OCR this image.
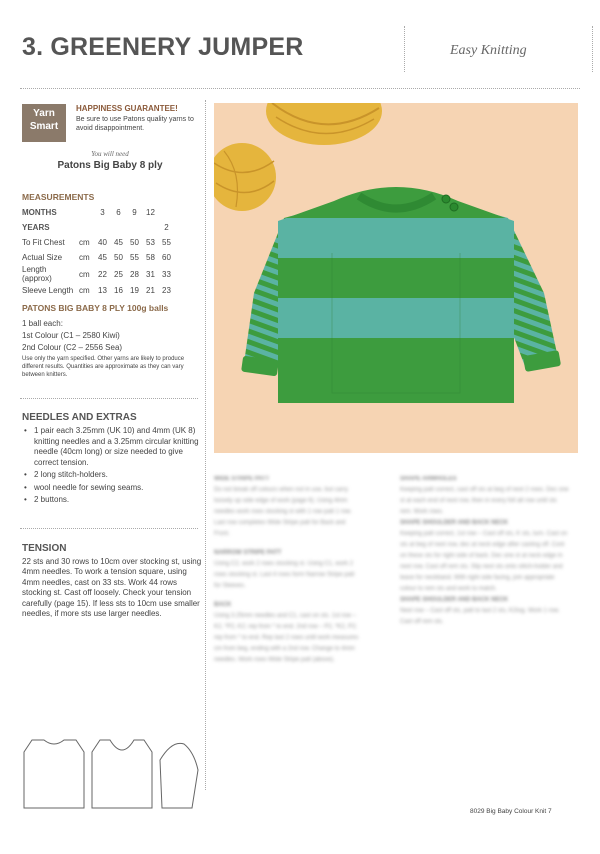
3. GREENERY JUMPER	Easy Knitting
Yarn
Smart
HAPPINESS GUARANTEE!
Be sure to use Patons quality yarns to avoid disappointment.
You will need
Patons Big Baby 8 ply
MEASUREMENTS
MONTHS		3	6	9	12	
YEARS						2
To Fit Chest	cm	40	45	50	53	55
Actual Size	cm	45	50	55	58	60
Length (approx)	cm	22	25	28	31	33
Sleeve Length	cm	13	16	19	21	23
PATONS BIG BABY 8 PLY 100g balls
1 ball each:
1st Colour (C1 – 2580 Kiwi)
2nd Colour (C2 – 2556 Sea)
Use only the yarn specified. Other yarns are likely to produce different results. Quantities are approximate as they can vary between knitters.
NEEDLES AND EXTRAS
• 1 pair each 3.25mm (UK 10) and 4mm (UK 8) knitting needles and a 3.25mm circular knitting needle (40cm long) or size needed to give correct tension.
• 2 long stitch-holders.
• wool needle for sewing seams.
• 2 buttons.
TENSION
22 sts and 30 rows to 10cm over stocking st, using 4mm needles. To work a tension square, using 4mm needles, cast on 33 sts. Work 44 rows stocking st. Cast off loosely. Check your tension carefully (page 15). If less sts to 10cm use smaller needles, if more sts use larger needles.
WIDE STRIPE PATT
Do not break off colours when not in use, but carry loosely up side edge of work (page 6). Using 4mm needles work rows stocking st with 1 row patt 1 row. Last row completes Wide Stripe patt for Back and Front.
NARROW STRIPE PATT
Using C2, work 2 rows stocking st. Using C1, work 2 rows stocking st. Last 4 rows form Narrow Stripe patt for Sleeves.
BACK
Using 3.25mm needles and C1, cast on sts. 1st row – K2, *P2, K2; rep from * to end. 2nd row – P2, *K2, P2; rep from * to end. Rep last 2 rows until work measures cm from beg, ending with a 2nd row. Change to 4mm needles. Work rows Wide Stripe patt (above).
SHAPE ARMHOLES
Keeping patt correct, cast off sts at beg of next 2 rows. Dec one st at each end of next row, then in every foll alt row until sts rem. Work rows.
SHAPE SHOULDER AND BACK NECK
Keeping patt correct, 1st row – Cast off sts, K sts, turn. Cast on sts at beg of next row, dec at neck edge after casting off. Cont on these sts for right side of back. Dec one st at neck edge in next row. Cast off rem sts. Slip next sts onto stitch-holder and leave for neckband. With right side facing, join appropriate colour to rem sts and work to match.
SHAPE SHOULDER AND BACK NECK
Next row – Cast off sts, patt to last 2 sts, K2tog. Work 1 row. Cast off rem sts.
8029 Big Baby Colour Knit 7
